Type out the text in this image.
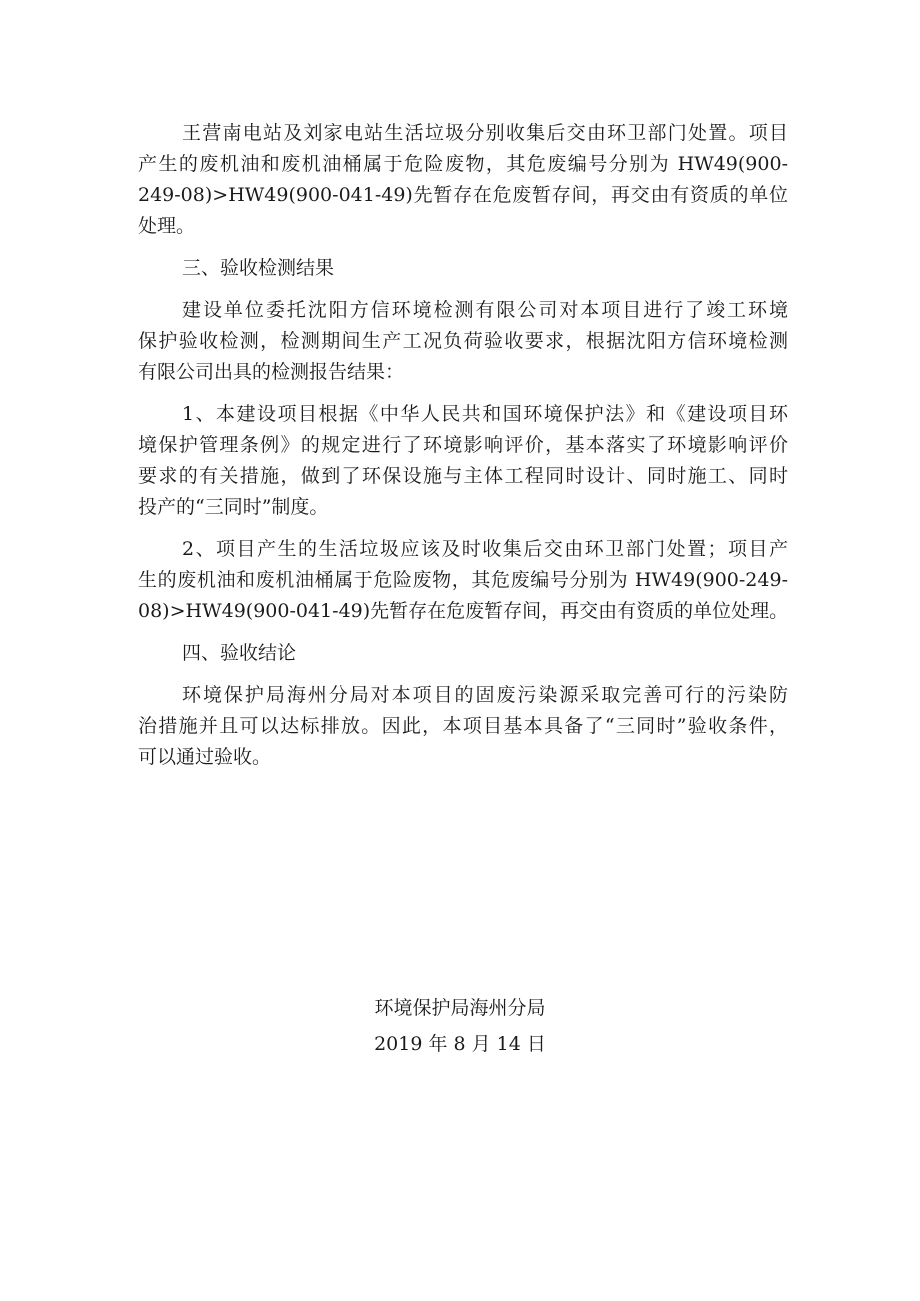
王营南电站及刘家电站生活垃圾分别收集后交由环卫部门处置。项目
产生的废机油和废机油桶属于危险废物，其危废编号分别为 HW49(900-
249-08)>HW49(900-041-49)先暂存在危废暂存间，再交由有资质的单位
处理。
三、验收检测结果
建设单位委托沈阳方信环境检测有限公司对本项目进行了竣工环境
保护验收检测，检测期间生产工况负荷验收要求，根据沈阳方信环境检测
有限公司出具的检测报告结果：
1、本建设项目根据《中华人民共和国环境保护法》和《建设项目环
境保护管理条例》的规定进行了环境影响评价，基本落实了环境影响评价
要求的有关措施，做到了环保设施与主体工程同时设计、同时施工、同时
投产的“三同时”制度。
2、项目产生的生活垃圾应该及时收集后交由环卫部门处置；项目产
生的废机油和废机油桶属于危险废物，其危废编号分别为 HW49(900-249-
08)>HW49(900-041-49)先暂存在危废暂存间，再交由有资质的单位处理。
四、验收结论
环境保护局海州分局对本项目的固废污染源采取完善可行的污染防
治措施并且可以达标排放。因此，本项目基本具备了“三同时”验收条件，
可以通过验收。
环境保护局海州分局
2019 年 8 月 14 日
